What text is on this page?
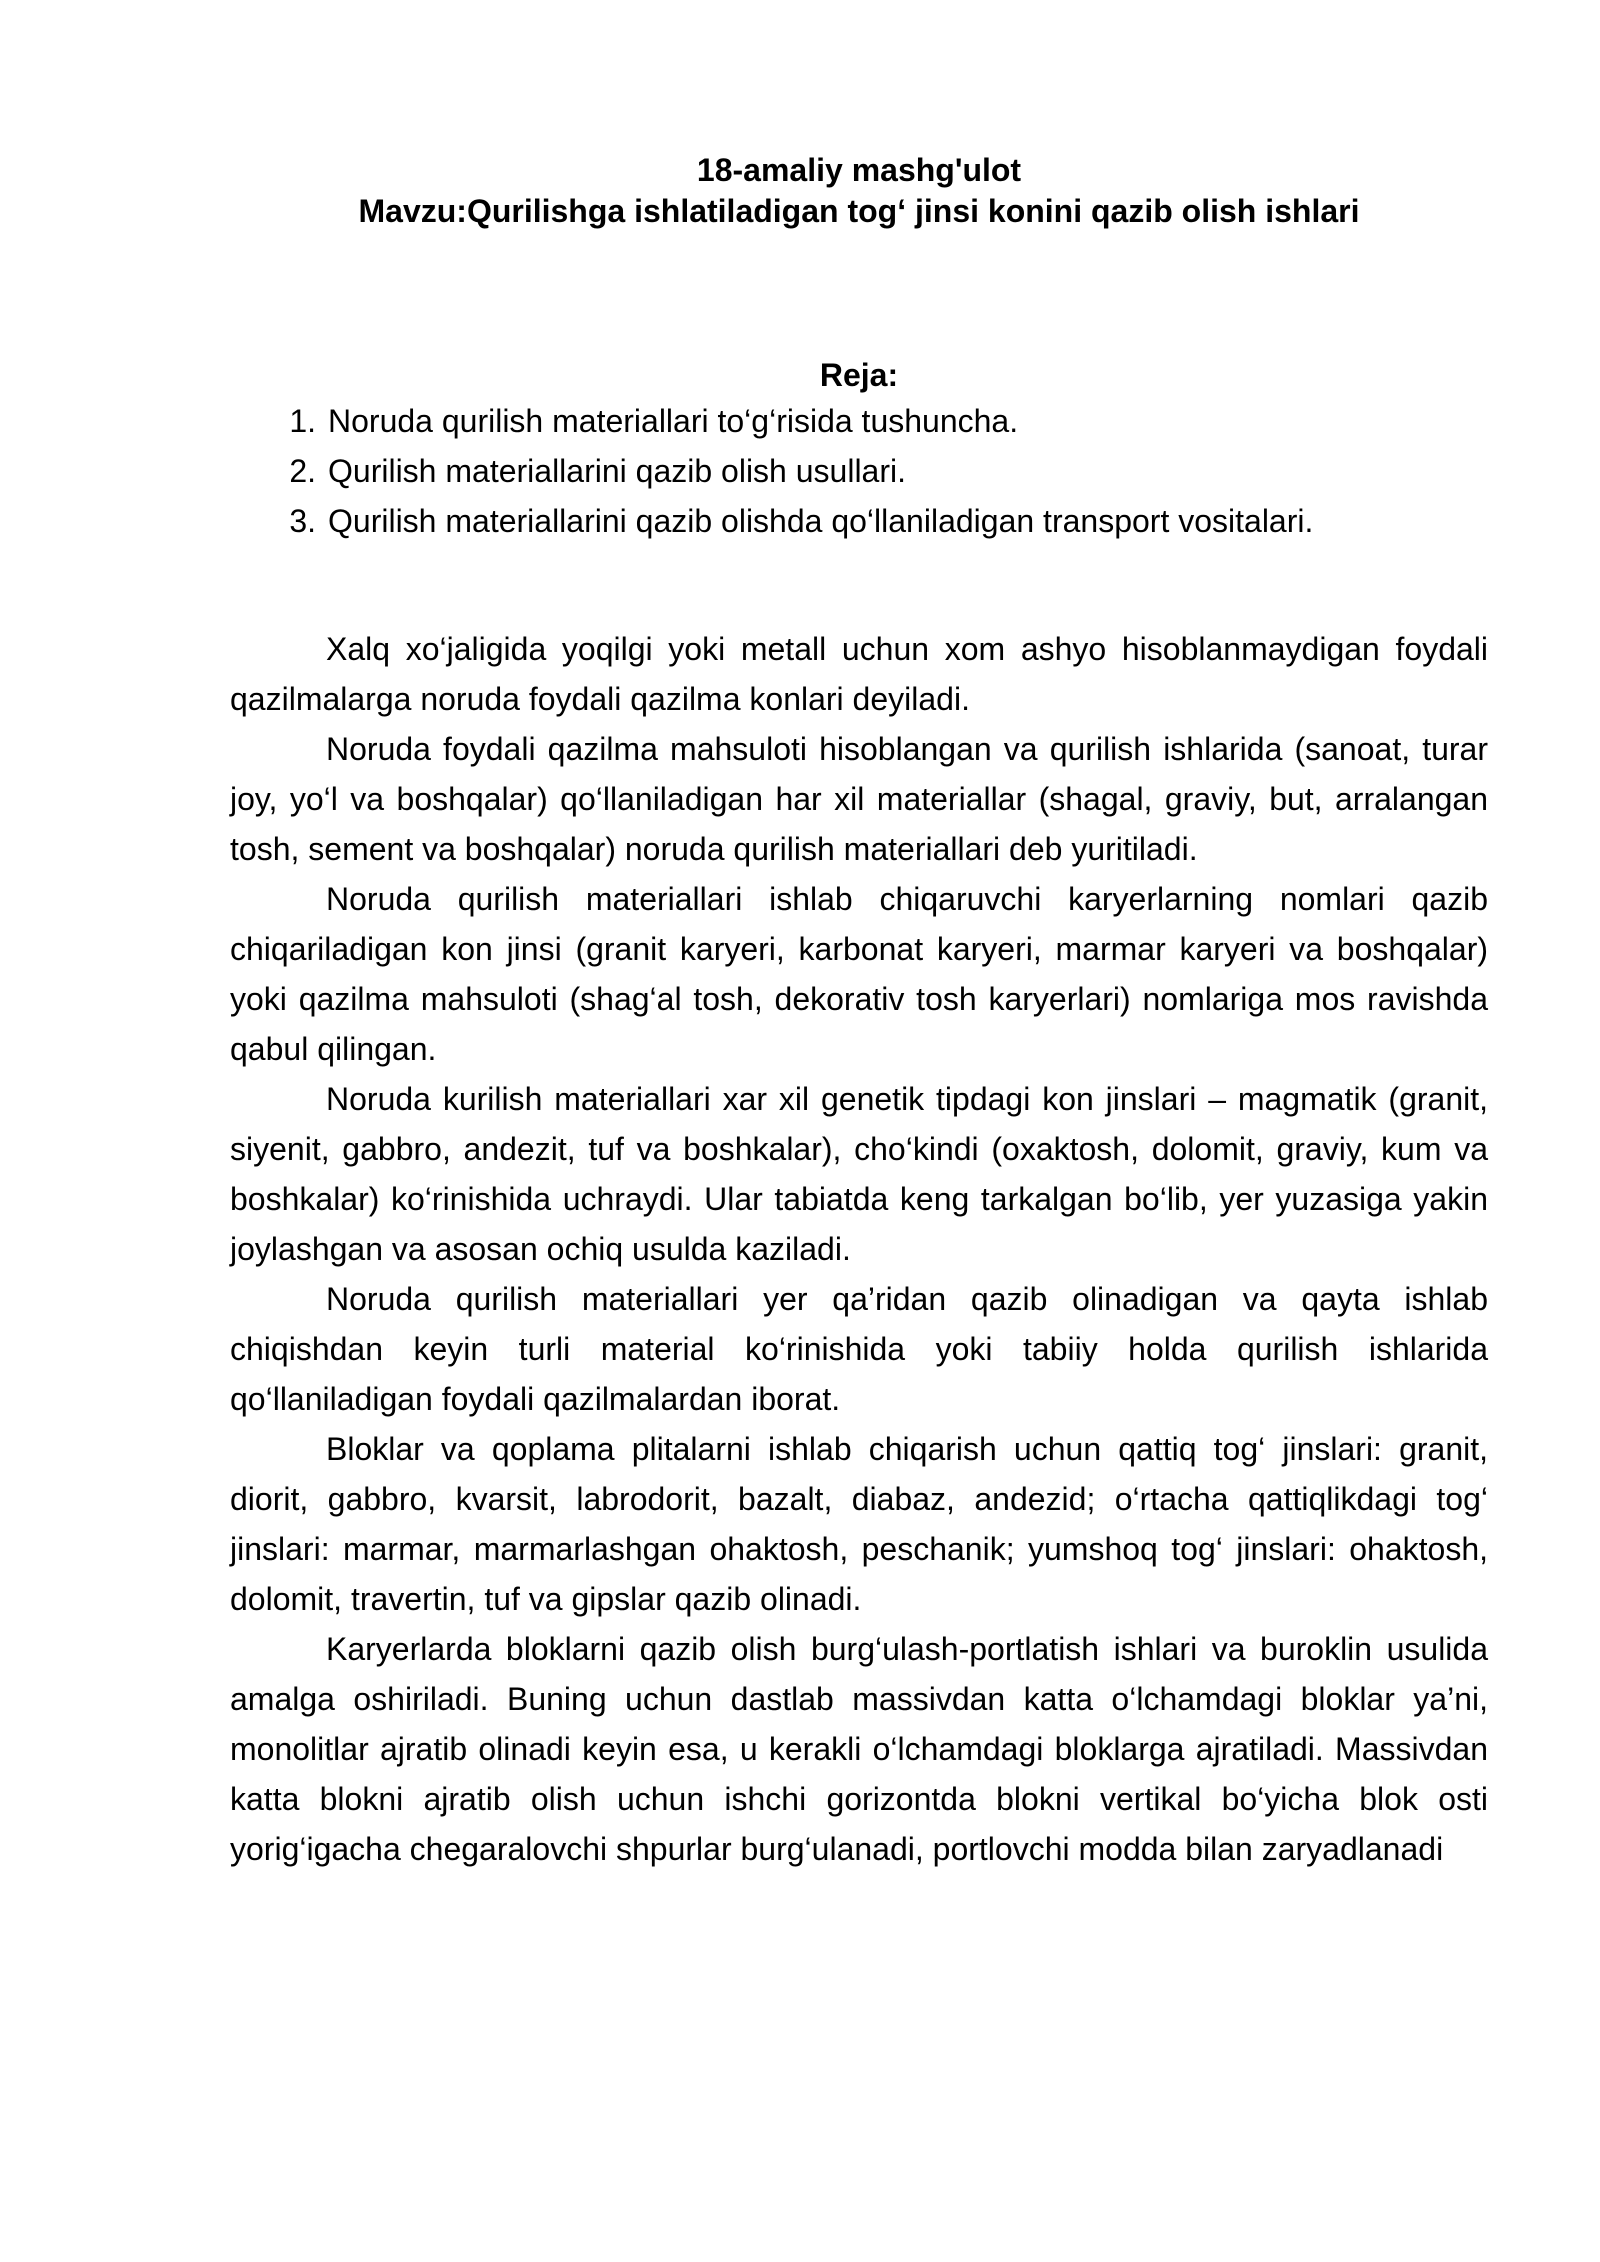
18-amaliy mashg'ulot
Mavzu:Qurilishga ishlatiladigan tog‘ jinsi konini qazib olish ishlari
Reja:
1. Noruda qurilish materiallari to‘g‘risida tushuncha.
2. Qurilish materiallarini qazib olish usullari.
3. Qurilish materiallarini qazib olishda qo‘llaniladigan transport vositalari.

Xalq xo‘jaligida yoqilgi yoki metall uchun xom ashyo hisoblanmaydigan foydali qazilmalarga noruda foydali qazilma konlari deyiladi.

Noruda foydali qazilma mahsuloti hisoblangan va qurilish ishlarida (sanoat, turar joy, yo‘l va boshqalar) qo‘llaniladigan har xil materiallar (shagal, graviy, but, arralangan tosh, sement va boshqalar) noruda qurilish materiallari deb yuritiladi.

Noruda qurilish materiallari ishlab chiqaruvchi karyerlarning nomlari qazib chiqariladigan kon jinsi (granit karyeri, karbonat karyeri, marmar karyeri va boshqalar) yoki qazilma mahsuloti (shag‘al tosh, dekorativ tosh karyerlari) nomlariga mos ravishda qabul qilingan.

Noruda kurilish materiallari xar xil genetik tipdagi kon jinslari – magmatik (granit, siyenit, gabbro, andezit, tuf va boshkalar), cho‘kindi (oxaktosh, dolomit, graviy, kum va boshkalar) ko‘rinishida uchraydi. Ular tabiatda keng tarkalgan bo‘lib, yer yuzasiga yakin joylashgan va asosan ochiq usulda kaziladi.

Noruda qurilish materiallari yer qa’ridan qazib olinadigan va qayta ishlab chiqishdan keyin turli material ko‘rinishida yoki tabiiy holda qurilish ishlarida qo‘llaniladigan foydali qazilmalardan iborat.

Bloklar va qoplama plitalarni ishlab chiqarish uchun qattiq tog‘ jinslari: granit, diorit, gabbro, kvarsit, labrodorit, bazalt, diabaz, andezid; o‘rtacha qattiqlikdagi tog‘ jinslari: marmar, marmarlashgan ohaktosh, peschanik; yumshoq tog‘ jinslari: ohaktosh, dolomit, travertin, tuf va gipslar qazib olinadi.

Karyerlarda bloklarni qazib olish burg‘ulash-portlatish ishlari va buroklin usulida amalga oshiriladi. Buning uchun dastlab massivdan katta o‘lchamdagi bloklar ya’ni, monolitlar ajratib olinadi keyin esa, u kerakli o‘lchamdagi bloklarga ajratiladi. Massivdan katta blokni ajratib olish uchun ishchi gorizontda blokni vertikal bo‘yicha blok osti yorig‘igacha chegaralovchi shpurlar burg‘ulanadi, portlovchi modda bilan zaryadlanadi
